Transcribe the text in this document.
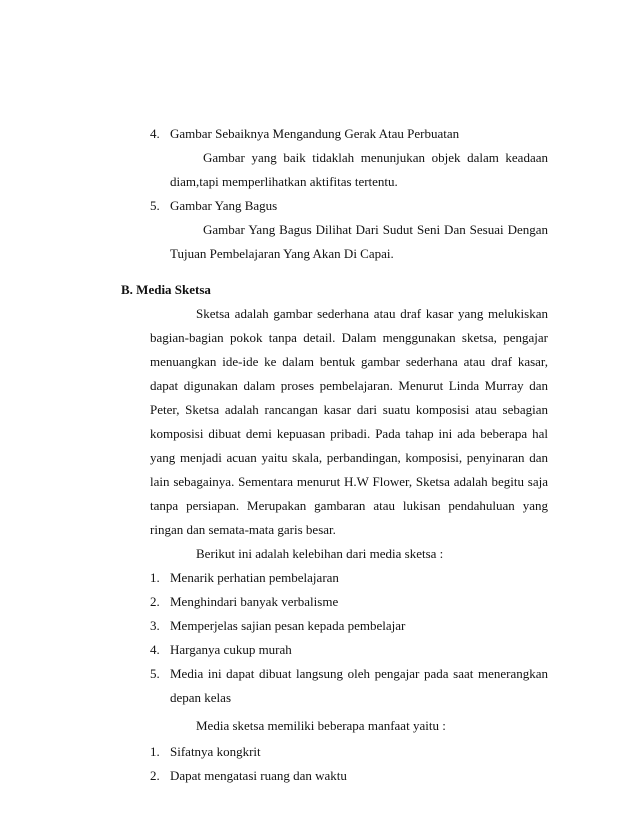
4. Gambar Sebaiknya Mengandung Gerak Atau Perbuatan
Gambar yang baik tidaklah menunjukan objek dalam keadaan
diam,tapi memperlihatkan aktifitas tertentu.
5. Gambar Yang Bagus
Gambar Yang Bagus Dilihat Dari Sudut Seni Dan Sesuai Dengan
Tujuan Pembelajaran Yang Akan Di Capai.
B. Media Sketsa
Sketsa adalah gambar sederhana atau draf kasar yang melukiskan
bagian-bagian pokok tanpa detail. Dalam menggunakan sketsa, pengajar
menuangkan ide-ide ke dalam bentuk gambar sederhana atau draf kasar,
dapat digunakan dalam proses pembelajaran. Menurut Linda Murray dan
Peter, Sketsa adalah rancangan kasar dari suatu komposisi atau sebagian
komposisi dibuat demi kepuasan pribadi. Pada tahap ini ada beberapa hal
yang menjadi acuan yaitu skala, perbandingan, komposisi, penyinaran dan
lain sebagainya. Sementara menurut H.W Flower, Sketsa adalah begitu saja
tanpa persiapan. Merupakan gambaran atau lukisan pendahuluan yang
ringan dan semata-mata garis besar.
Berikut ini adalah kelebihan dari media sketsa :
1. Menarik perhatian pembelajaran
2. Menghindari banyak verbalisme
3. Memperjelas sajian pesan kepada pembelajar
4. Harganya cukup murah
5. Media ini dapat dibuat langsung oleh pengajar pada saat menerangkan
depan kelas
Media sketsa memiliki beberapa manfaat yaitu :
1. Sifatnya kongkrit
2. Dapat mengatasi ruang dan waktu
